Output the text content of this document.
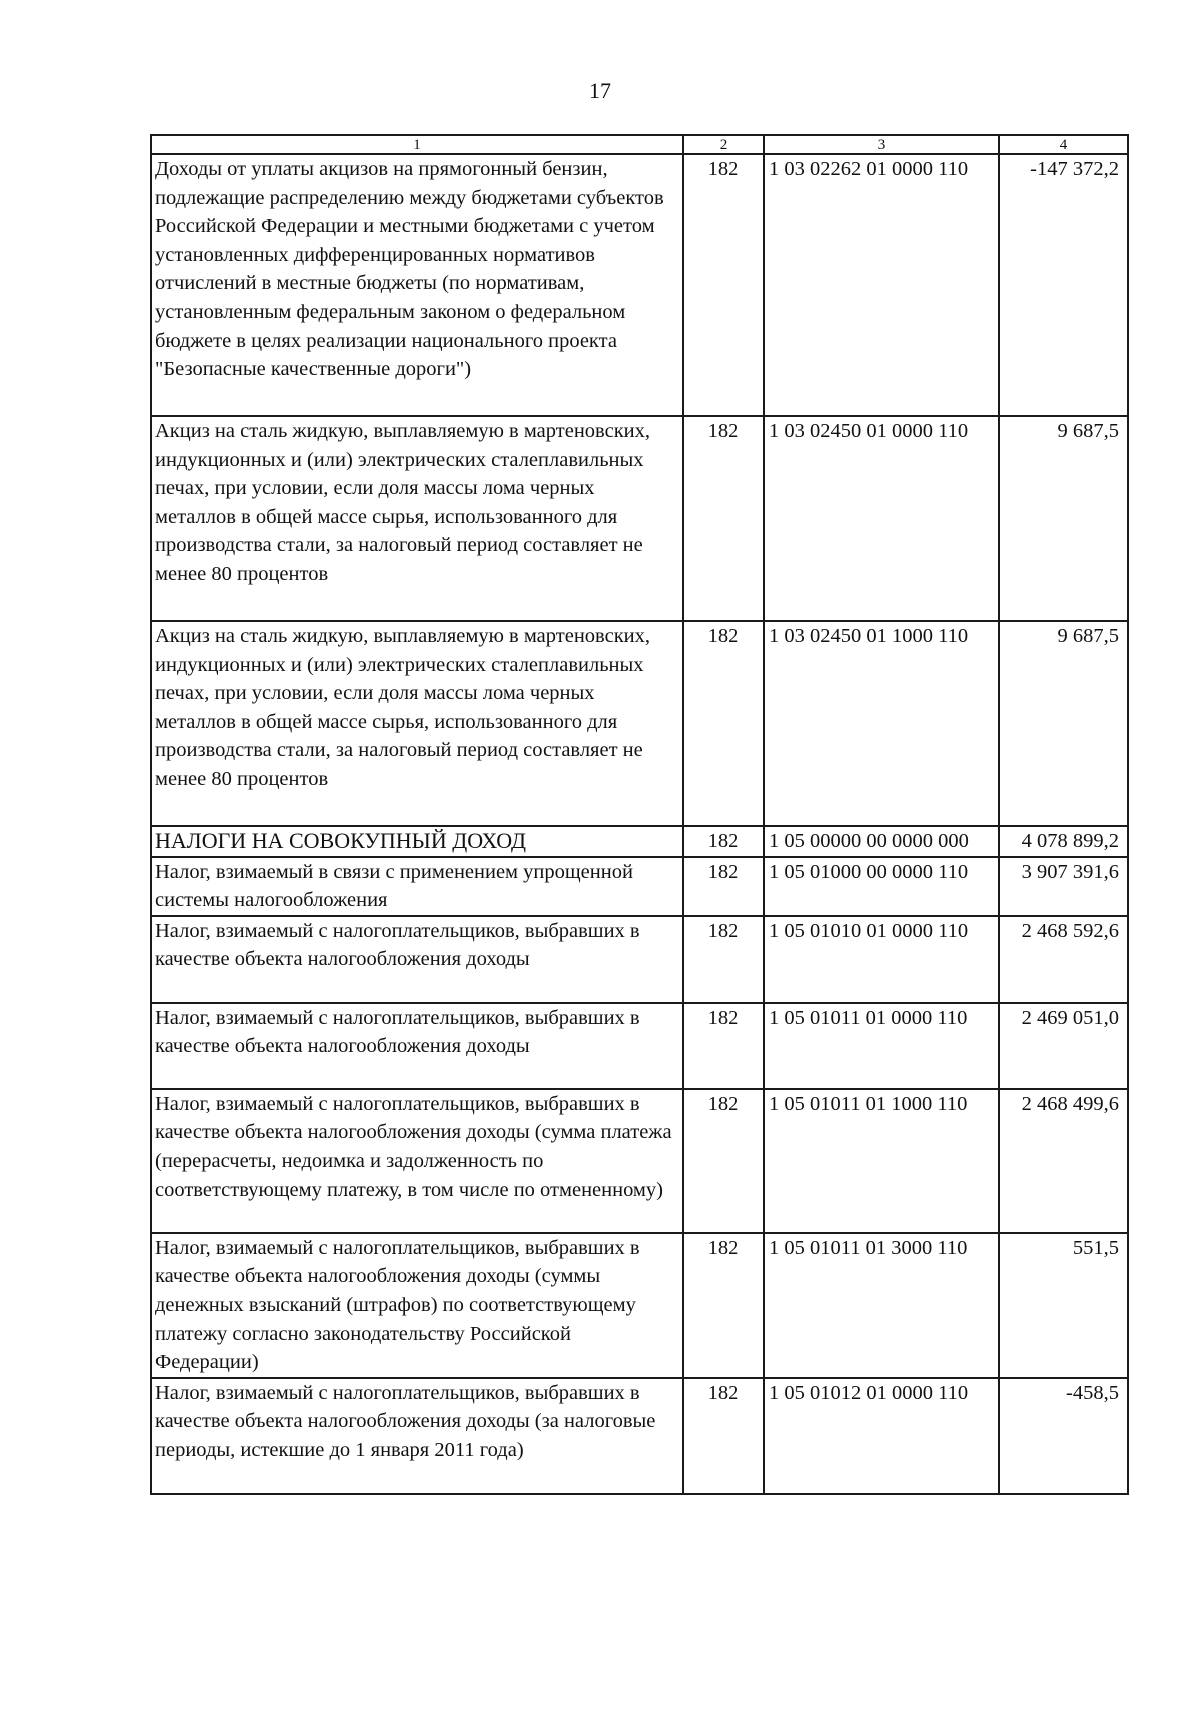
17
1	2	3	4
Доходы от уплаты акцизов на прямогонный бензин, подлежащие распределению между бюджетами субъектов Российской Федерации и местными бюджетами с учетом установленных дифференцированных нормативов отчислений в местные бюджеты (по нормативам, установленным федеральным законом о федеральном бюджете в целях реализации национального проекта "Безопасные качественные дороги")	182	1 03 02262 01 0000 110	-147 372,2
Акциз на сталь жидкую, выплавляемую в мартеновских, индукционных и (или) электрических сталеплавильных печах, при условии, если доля массы лома черных металлов в общей массе сырья, использованного для производства стали, за налоговый период составляет не менее 80 процентов	182	1 03 02450 01 0000 110	9 687,5
Акциз на сталь жидкую, выплавляемую в мартеновских, индукционных и (или) электрических сталеплавильных печах, при условии, если доля массы лома черных металлов в общей массе сырья, использованного для производства стали, за налоговый период составляет не менее 80 процентов	182	1 03 02450 01 1000 110	9 687,5
НАЛОГИ НА СОВОКУПНЫЙ ДОХОД	182	1 05 00000 00 0000 000	4 078 899,2
Налог, взимаемый в связи с применением упрощенной системы налогообложения	182	1 05 01000 00 0000 110	3 907 391,6
Налог, взимаемый с налогоплательщиков, выбравших в качестве объекта налогообложения доходы	182	1 05 01010 01 0000 110	2 468 592,6
Налог, взимаемый с налогоплательщиков, выбравших в качестве объекта налогообложения доходы	182	1 05 01011 01 0000 110	2 469 051,0
Налог, взимаемый с налогоплательщиков, выбравших в качестве объекта налогообложения доходы (сумма платежа (перерасчеты, недоимка и задолженность по соответствующему платежу, в том числе по отмененному)	182	1 05 01011 01 1000 110	2 468 499,6
Налог, взимаемый с налогоплательщиков, выбравших в качестве объекта налогообложения доходы (суммы денежных взысканий (штрафов) по соответствующему платежу согласно законодательству Российской Федерации)	182	1 05 01011 01 3000 110	551,5
Налог, взимаемый с налогоплательщиков, выбравших в качестве объекта налогообложения доходы (за налоговые периоды, истекшие до 1 января 2011 года)	182	1 05 01012 01 0000 110	-458,5
